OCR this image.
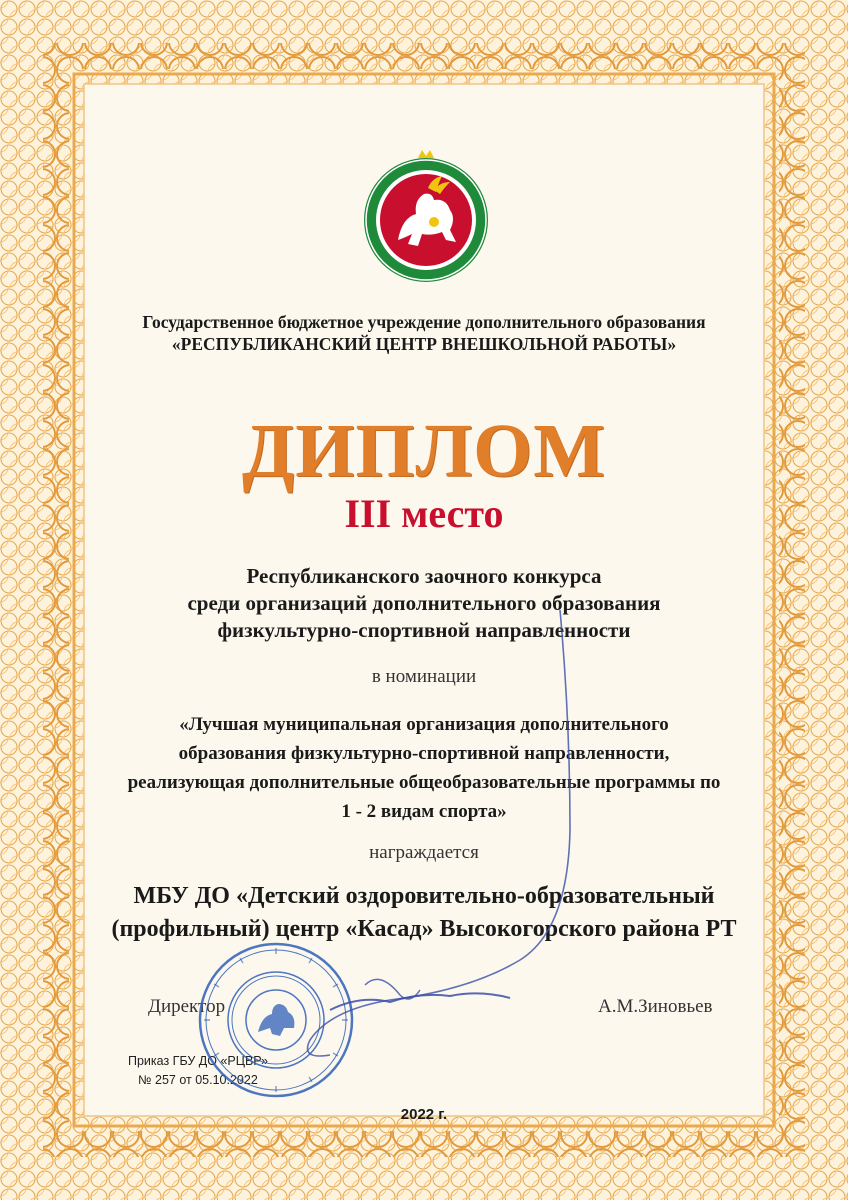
Государственное бюджетное учреждение дополнительного образования
«РЕСПУБЛИКАНСКИЙ ЦЕНТР ВНЕШКОЛЬНОЙ РАБОТЫ»
ДИПЛОМ
III место
Республиканского заочного конкурса
среди организаций дополнительного образования
физкультурно-спортивной направленности
в номинации
«Лучшая муниципальная организация дополнительного
образования физкультурно-спортивной направленности,
реализующая дополнительные общеобразовательные программы по
1 - 2 видам спорта»
награждается
МБУ ДО «Детский оздоровительно-образовательный
(профильный) центр «Касад» Высокогорского района РТ
Директор	А.М.Зиновьев
Приказ ГБУ ДО «РЦВР»
№ 257 от 05.10.2022
2022 г.
